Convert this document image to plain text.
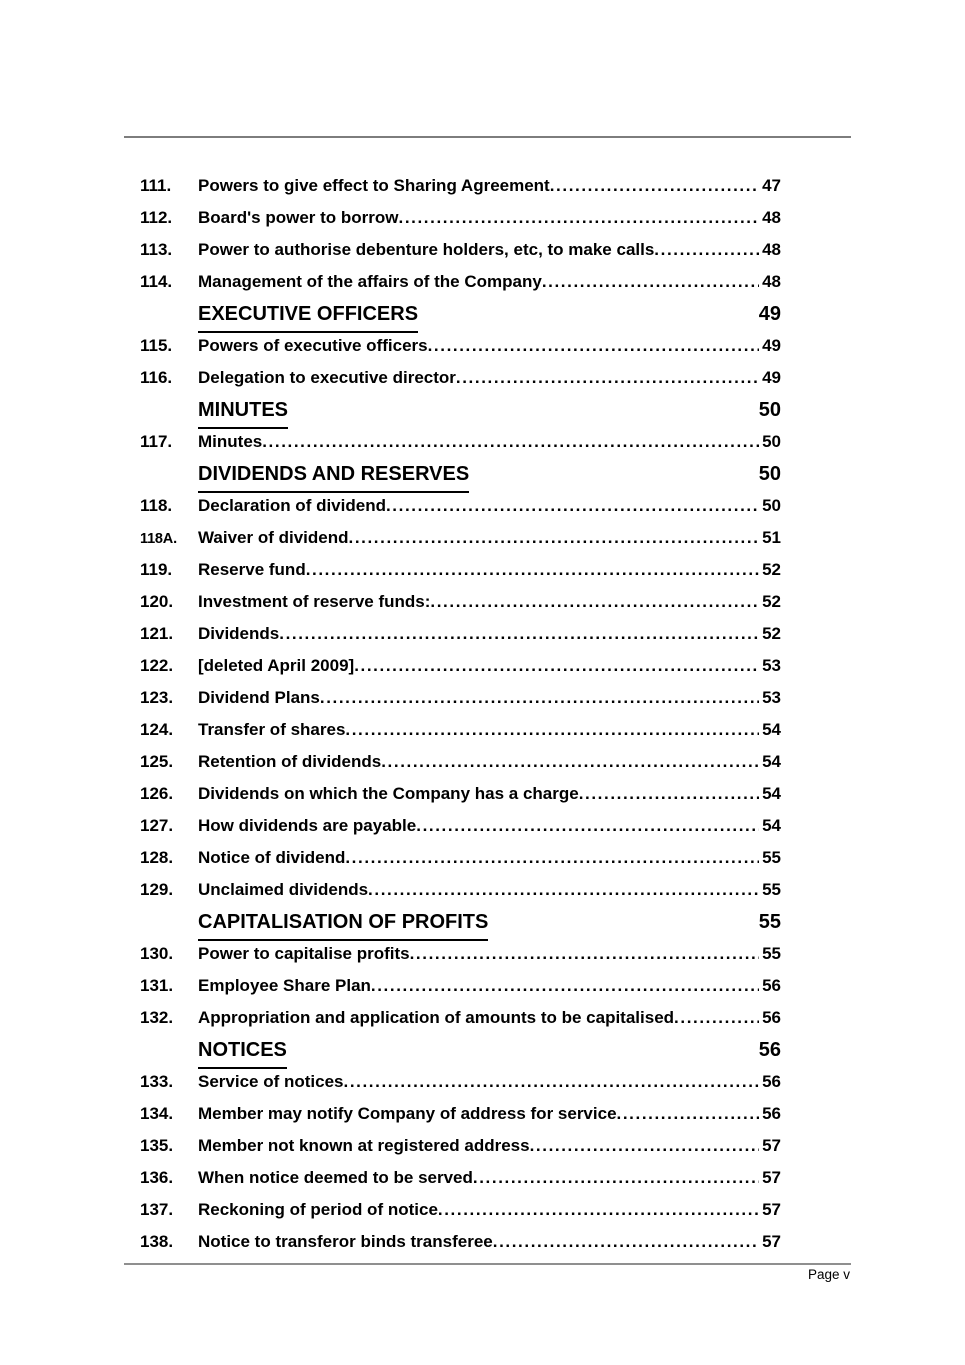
111.	Powers to give effect to Sharing Agreement .....	47
112.	Board's power to borrow .....	48
113.	Power to authorise debenture holders, etc, to make calls .....	48
114.	Management of the affairs of the Company .....	48
EXECUTIVE OFFICERS	49
115.	Powers of executive officers .....	49
116.	Delegation to executive director .....	49
MINUTES	50
117.	Minutes .....	50
DIVIDENDS AND RESERVES	50
118.	Declaration of dividend .....	50
118A.	Waiver of dividend .....	51
119.	Reserve fund .....	52
120.	Investment of reserve funds: .....	52
121.	Dividends .....	52
122.	[deleted April 2009] .....	53
123.	Dividend Plans .....	53
124.	Transfer of shares .....	54
125.	Retention of dividends .....	54
126.	Dividends on which the Company has a charge .....	54
127.	How dividends are payable .....	54
128.	Notice of dividend .....	55
129.	Unclaimed dividends .....	55
CAPITALISATION OF PROFITS	55
130.	Power to capitalise profits .....	55
131.	Employee Share Plan .....	56
132.	Appropriation and application of amounts to be capitalised .....	56
NOTICES	56
133.	Service of notices .....	56
134.	Member may notify Company of address for service .....	56
135.	Member not known at registered address .....	57
136.	When notice deemed to be served .....	57
137.	Reckoning of period of notice .....	57
138.	Notice to transferor binds transferee .....	57
Page v
